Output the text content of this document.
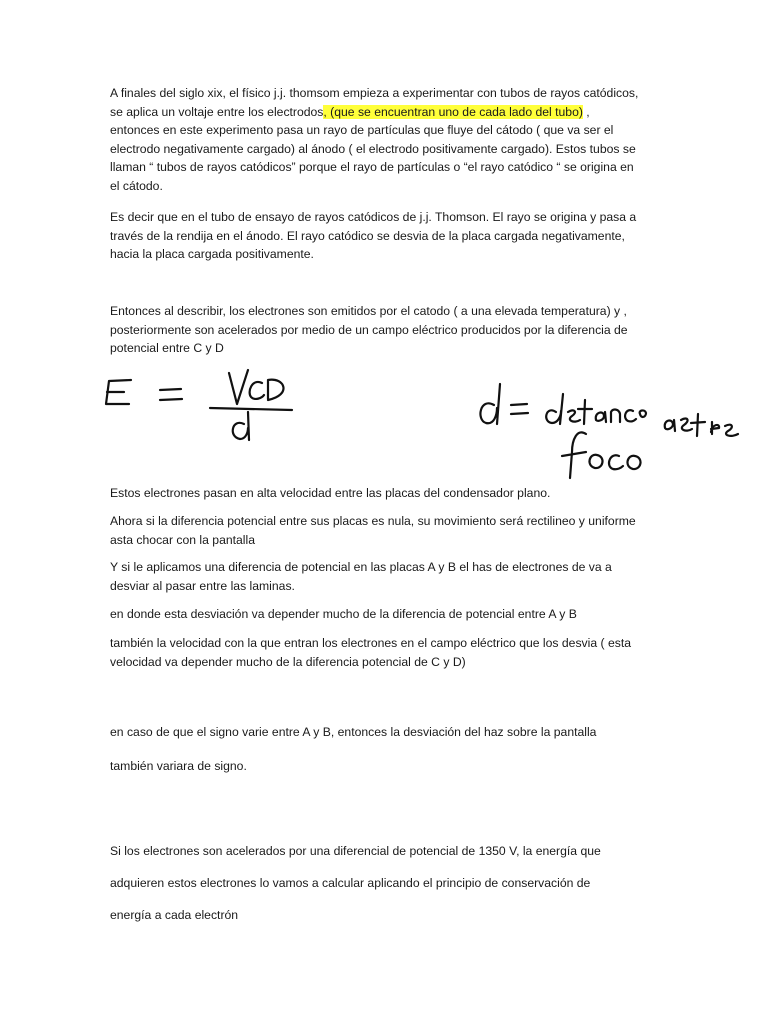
A finales del siglo xix, el físico j.j. thomsom empieza a experimentar con tubos de rayos catódicos, se aplica un voltaje entre los electrodos, (que se encuentran uno de cada lado del tubo) , entonces en este experimento pasa un rayo de partículas que fluye del cátodo ( que va ser el electrodo negativamente cargado) al ánodo ( el electrodo positivamente cargado). Estos tubos se llaman “ tubos de rayos catódicos” porque el rayo de partículas o “el rayo catódico “ se origina en el cátodo.

Es decir que en el tubo de ensayo de rayos catódicos de j.j. Thomson. El rayo se origina y pasa a través de la rendija en el ánodo. El rayo catódico se desvia de la placa cargada negativamente, hacia la placa cargada positivamente.

Entonces al describir, los electrones son emitidos por el catodo ( a una elevada temperatura) y , posteriormente son acelerados por medio de un campo eléctrico producidos por la diferencia de potencial entre C y D

Estos electrones pasan en alta velocidad entre las placas del condensador plano.

Ahora si la diferencia potencial entre sus placas es nula, su movimiento será rectilineo y uniforme asta chocar con la pantalla

Y si le aplicamos una diferencia de potencial en las placas A y B el has de electrones de va a desviar al pasar entre las laminas.

en donde esta desviación va depender mucho de la diferencia de potencial entre A y B

también la velocidad con la que entran los electrones en el campo eléctrico que los desvia ( esta velocidad va depender mucho de la diferencia potencial de C y D)

en caso de que el signo varie entre A y B, entonces la desviación del haz sobre la pantalla

también variara de signo.

Si los electrones son acelerados por una diferencial de potencial de 1350 V, la energía que

adquieren estos electrones lo vamos a calcular aplicando el principio de conservación de

energía a cada electrón
